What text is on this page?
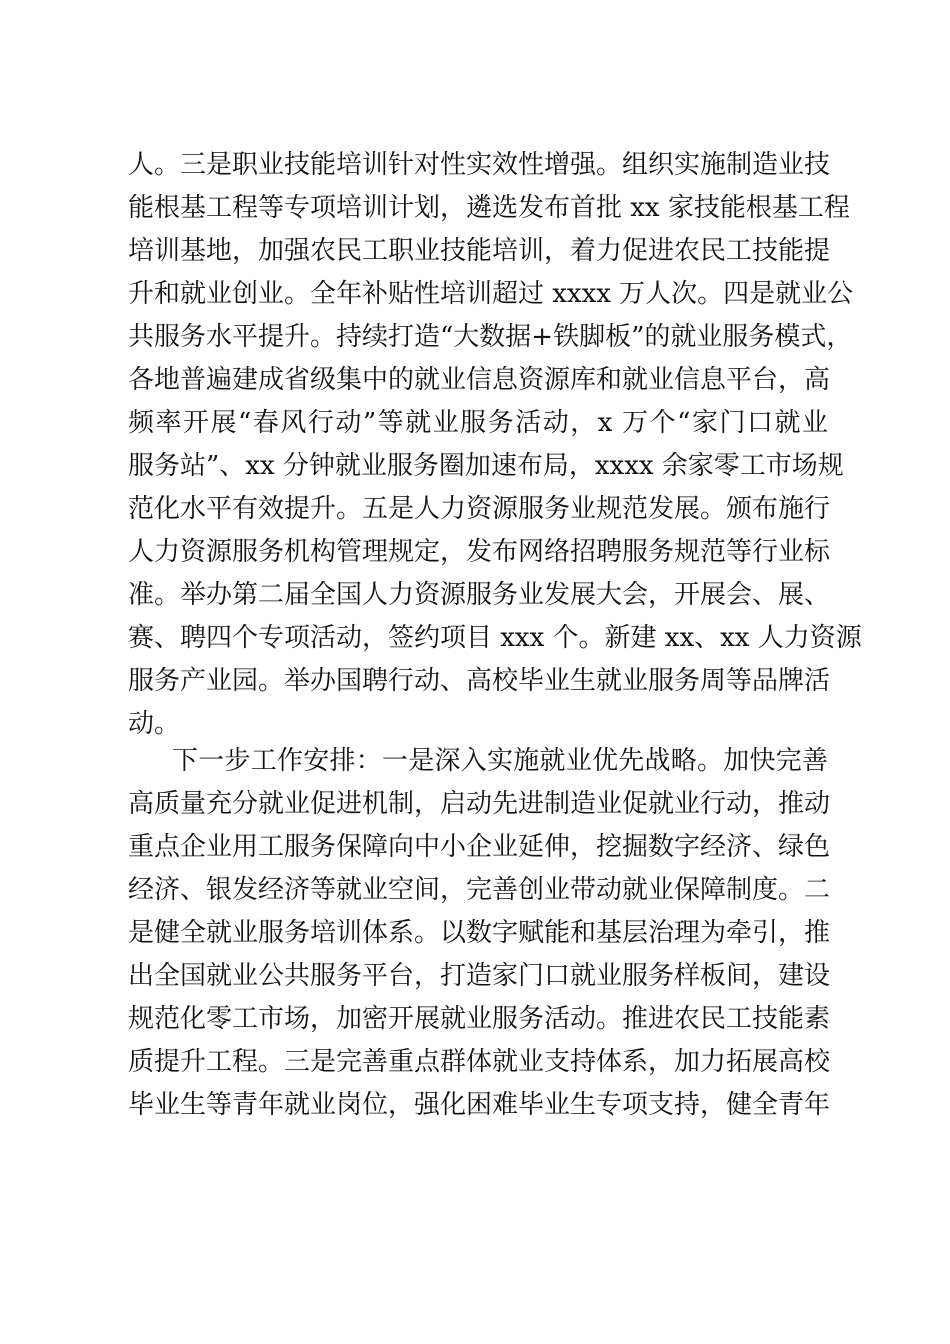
人。三是职业技能培训针对性实效性增强。组织实施制造业技
能根基工程等专项培训计划，遴选发布首批 xx 家技能根基工程
培训基地，加强农民工职业技能培训，着力促进农民工技能提
升和就业创业。全年补贴性培训超过 xxxx 万人次。四是就业公
共服务水平提升。持续打造“大数据+铁脚板”的就业服务模式，
各地普遍建成省级集中的就业信息资源库和就业信息平台，高
频率开展“春风行动”等就业服务活动，x 万个“家门口就业
服务站”、xx 分钟就业服务圈加速布局，xxxx 余家零工市场规
范化水平有效提升。五是人力资源服务业规范发展。颁布施行
人力资源服务机构管理规定，发布网络招聘服务规范等行业标
准。举办第二届全国人力资源服务业发展大会，开展会、展、
赛、聘四个专项活动，签约项目 xxx 个。新建 xx、xx 人力资源
服务产业园。举办国聘行动、高校毕业生就业服务周等品牌活
动。
下一步工作安排：一是深入实施就业优先战略。加快完善
高质量充分就业促进机制，启动先进制造业促就业行动，推动
重点企业用工服务保障向中小企业延伸，挖掘数字经济、绿色
经济、银发经济等就业空间，完善创业带动就业保障制度。二
是健全就业服务培训体系。以数字赋能和基层治理为牵引，推
出全国就业公共服务平台，打造家门口就业服务样板间，建设
规范化零工市场，加密开展就业服务活动。推进农民工技能素
质提升工程。三是完善重点群体就业支持体系，加力拓展高校
毕业生等青年就业岗位，强化困难毕业生专项支持，健全青年
